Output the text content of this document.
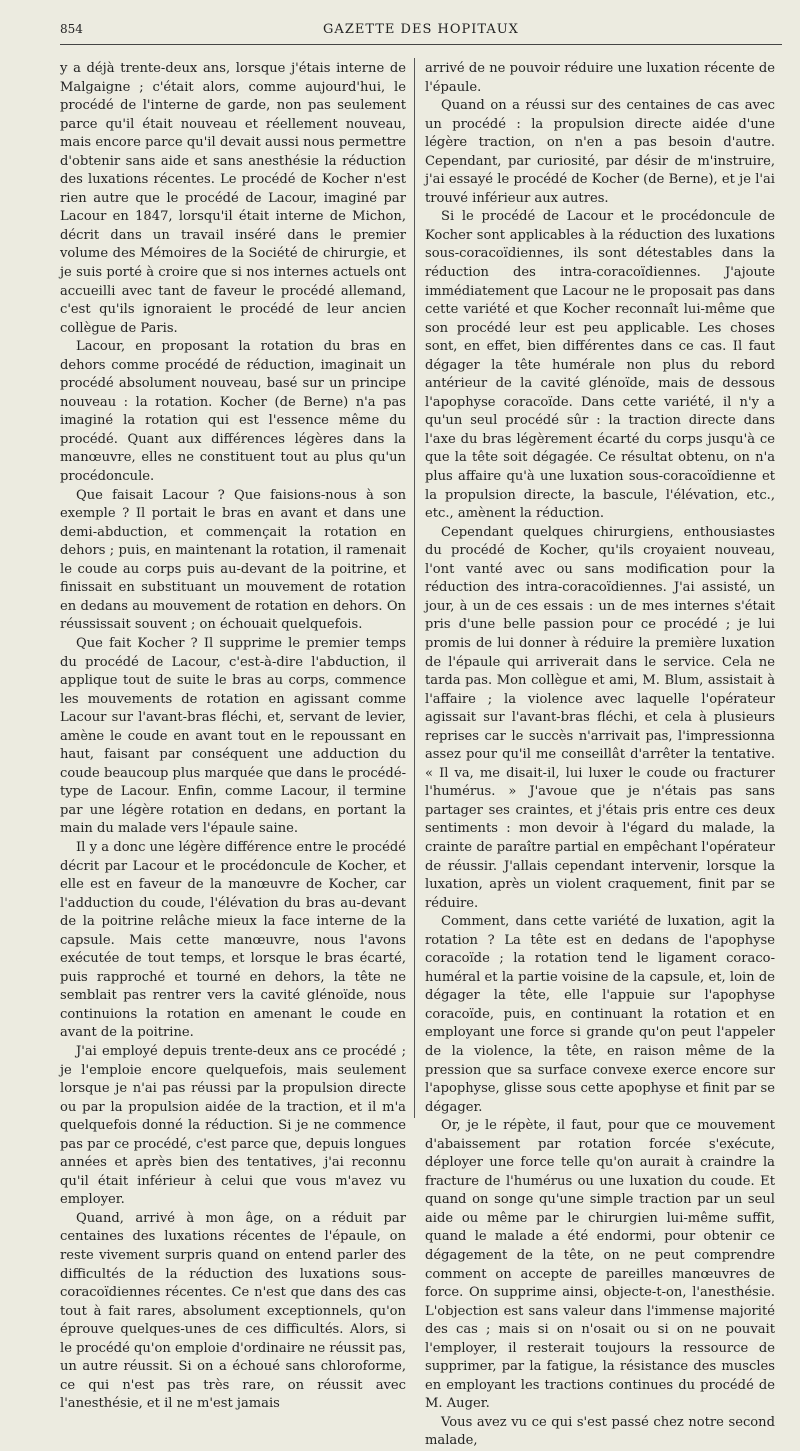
854	GAZETTE DES HOPITAUX

y a déjà trente-deux ans, lorsque j'étais interne de Malgaigne ; c'était alors, comme aujourd'hui, le procédé de l'interne de garde, non pas seulement parce qu'il était nouveau et réellement nouveau, mais encore parce qu'il devait aussi nous permettre d'obtenir sans aide et sans anesthésie la réduction des luxations récentes. Le procédé de Kocher n'est rien autre que le procédé de Lacour, imaginé par Lacour en 1847, lorsqu'il était interne de Michon, décrit dans un travail inséré dans le premier volume des Mémoires de la Société de chirurgie, et je suis porté à croire que si nos internes actuels ont accueilli avec tant de faveur le procédé allemand, c'est qu'ils ignoraient le procédé de leur ancien collègue de Paris.

Lacour, en proposant la rotation du bras en dehors comme procédé de réduction, imaginait un procédé absolument nouveau, basé sur un principe nouveau : la rotation. Kocher (de Berne) n'a pas imaginé la rotation qui est l'essence même du procédé. Quant aux différences légères dans la manœuvre, elles ne constituent tout au plus qu'un procédoncule.

Que faisait Lacour ? Que faisions-nous à son exemple ? Il portait le bras en avant et dans une demi-abduction, et commençait la rotation en dehors ; puis, en maintenant la rotation, il ramenait le coude au corps puis au-devant de la poitrine, et finissait en substituant un mouvement de rotation en dedans au mouvement de rotation en dehors. On réussissait souvent ; on échouait quelquefois.

Que fait Kocher ? Il supprime le premier temps du procédé de Lacour, c'est-à-dire l'abduction, il applique tout de suite le bras au corps, commence les mouvements de rotation en agissant comme Lacour sur l'avant-bras fléchi, et, servant de levier, amène le coude en avant tout en le repoussant en haut, faisant par conséquent une adduction du coude beaucoup plus marquée que dans le procédé-type de Lacour. Enfin, comme Lacour, il termine par une légère rotation en dedans, en portant la main du malade vers l'épaule saine.

Il y a donc une légère différence entre le procédé décrit par Lacour et le procédoncule de Kocher, et elle est en faveur de la manœuvre de Kocher, car l'adduction du coude, l'élévation du bras au-devant de la poitrine relâche mieux la face interne de la capsule. Mais cette manœuvre, nous l'avons exécutée de tout temps, et lorsque le bras écarté, puis rapproché et tourné en dehors, la tête ne semblait pas rentrer vers la cavité glénoïde, nous continuions la rotation en amenant le coude en avant de la poitrine.

J'ai employé depuis trente-deux ans ce procédé ; je l'emploie encore quelquefois, mais seulement lorsque je n'ai pas réussi par la propulsion directe ou par la propulsion aidée de la traction, et il m'a quelquefois donné la réduction. Si je ne commence pas par ce procédé, c'est parce que, depuis longues années et après bien des tentatives, j'ai reconnu qu'il était inférieur à celui que vous m'avez vu employer.

Quand, arrivé à mon âge, on a réduit par centaines des luxations récentes de l'épaule, on reste vivement surpris quand on entend parler des difficultés de la réduction des luxations sous-coracoïdiennes récentes. Ce n'est que dans des cas tout à fait rares, absolument exceptionnels, qu'on éprouve quelques-unes de ces difficultés. Alors, si le procédé qu'on emploie d'ordinaire ne réussit pas, un autre réussit. Si on a échoué sans chloroforme, ce qui n'est pas très rare, on réussit avec l'anesthésie, et il ne m'est jamais

arrivé de ne pouvoir réduire une luxation récente de l'épaule.

Quand on a réussi sur des centaines de cas avec un procédé : la propulsion directe aidée d'une légère traction, on n'en a pas besoin d'autre. Cependant, par curiosité, par désir de m'instruire, j'ai essayé le procédé de Kocher (de Berne), et je l'ai trouvé inférieur aux autres.

Si le procédé de Lacour et le procédoncule de Kocher sont applicables à la réduction des luxations sous-coracoïdiennes, ils sont détestables dans la réduction des intra-coracoïdiennes. J'ajoute immédiatement que Lacour ne le proposait pas dans cette variété et que Kocher reconnaît lui-même que son procédé leur est peu applicable. Les choses sont, en effet, bien différentes dans ce cas. Il faut dégager la tête humérale non plus du rebord antérieur de la cavité glénoïde, mais de dessous l'apophyse coracoïde. Dans cette variété, il n'y a qu'un seul procédé sûr : la traction directe dans l'axe du bras légèrement écarté du corps jusqu'à ce que la tête soit dégagée. Ce résultat obtenu, on n'a plus affaire qu'à une luxation sous-coracoïdienne et la propulsion directe, la bascule, l'élévation, etc., etc., amènent la réduction.

Cependant quelques chirurgiens, enthousiastes du procédé de Kocher, qu'ils croyaient nouveau, l'ont vanté avec ou sans modification pour la réduction des intra-coracoïdiennes. J'ai assisté, un jour, à un de ces essais : un de mes internes s'était pris d'une belle passion pour ce procédé ; je lui promis de lui donner à réduire la première luxation de l'épaule qui arriverait dans le service. Cela ne tarda pas. Mon collègue et ami, M. Blum, assistait à l'affaire ; la violence avec laquelle l'opérateur agissait sur l'avant-bras fléchi, et cela à plusieurs reprises car le succès n'arrivait pas, l'impressionna assez pour qu'il me conseillât d'arrêter la tentative. « Il va, me disait-il, lui luxer le coude ou fracturer l'humérus. » J'avoue que je n'étais pas sans partager ses craintes, et j'étais pris entre ces deux sentiments : mon devoir à l'égard du malade, la crainte de paraître partial en empêchant l'opérateur de réussir. J'allais cependant intervenir, lorsque la luxation, après un violent craquement, finit par se réduire.

Comment, dans cette variété de luxation, agit la rotation ? La tête est en dedans de l'apophyse coracoïde ; la rotation tend le ligament coraco-huméral et la partie voisine de la capsule, et, loin de dégager la tête, elle l'appuie sur l'apophyse coracoïde, puis, en continuant la rotation et en employant une force si grande qu'on peut l'appeler de la violence, la tête, en raison même de la pression que sa surface convexe exerce encore sur l'apophyse, glisse sous cette apophyse et finit par se dégager.

Or, je le répète, il faut, pour que ce mouvement d'abaissement par rotation forcée s'exécute, déployer une force telle qu'on aurait à craindre la fracture de l'humérus ou une luxation du coude. Et quand on songe qu'une simple traction par un seul aide ou même par le chirurgien lui-même suffit, quand le malade a été endormi, pour obtenir ce dégagement de la tête, on ne peut comprendre comment on accepte de pareilles manœuvres de force. On supprime ainsi, objecte-t-on, l'anesthésie. L'objection est sans valeur dans l'immense majorité des cas ; mais si on n'osait ou si on ne pouvait l'employer, il resterait toujours la ressource de supprimer, par la fatigue, la résistance des muscles en employant les tractions continues du procédé de M. Auger.

Vous avez vu ce qui s'est passé chez notre second malade,
